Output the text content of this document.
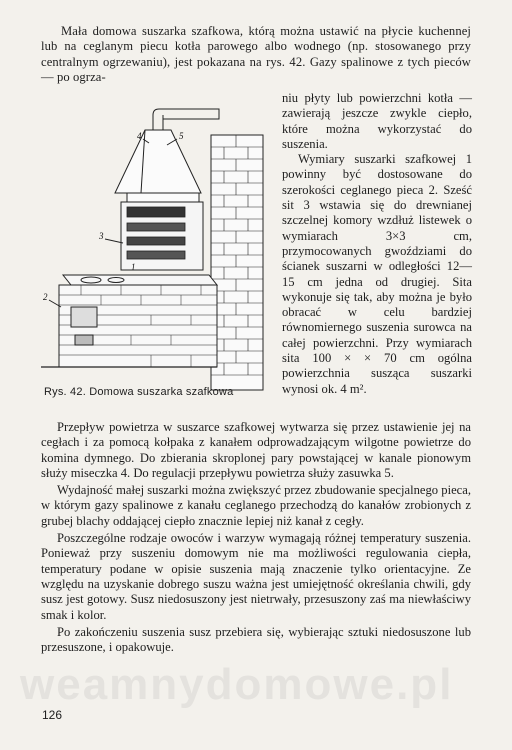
Mała domowa suszarka szafkowa, którą można ustawić na płycie kuchennej lub na ceglanym piecu kotła parowego albo wodnego (np. stosowanego przy centralnym ogrzewaniu), jest pokazana na rys. 42. Gazy spalinowe z tych pieców — po ogrza-

4	5
3
2
1

niu płyty lub powierzchni kotła — zawierają jeszcze zwykle ciepło, które można wykorzystać do suszenia.

Wymiary suszarki szafkowej 1 powinny być dostosowane do szerokości ceglanego pieca 2. Sześć sit 3 wstawia się do drewnianej szczelnej komory wzdłuż listewek o wymiarach 3×3 cm, przymocowanych gwoździami do ścianek suszarni w odległości 12—15 cm jedna od drugiej. Sita wykonuje się tak, aby można je było obracać w celu bardziej równomiernego suszenia surowca na całej powierzchni. Przy wymiarach sita 100 × × 70 cm ogólna powierzchnia susząca suszarki wynosi ok. 4 m².

Rys. 42. Domowa suszarka szafkowa

Przepływ powietrza w suszarce szafkowej wytwarza się przez ustawienie jej na cegłach i za pomocą kołpaka z kanałem odprowadzającym wilgotne powietrze do komina dymnego. Do zbierania skroplonej pary powstającej w kanale pionowym służy miseczka 4. Do regulacji przepływu powietrza służy zasuwka 5.

Wydajność małej suszarki można zwiększyć przez zbudowanie specjalnego pieca, w którym gazy spalinowe z kanału ceglanego przechodzą do kanałów zrobionych z grubej blachy oddającej ciepło znacznie lepiej niż kanał z cegły.

Poszczególne rodzaje owoców i warzyw wymagają różnej temperatury suszenia. Ponieważ przy suszeniu domowym nie ma możliwości regulowania ciepła, temperatury podane w opisie suszenia mają znaczenie tylko orientacyjne. Ze względu na uzyskanie dobrego suszu ważna jest umiejętność określania chwili, gdy susz jest gotowy. Susz niedosuszony jest nietrwały, przesuszony zaś ma niewłaściwy smak i kolor.

Po zakończeniu suszenia susz przebiera się, wybierając sztuki niedosuszone lub przesuszone, i opakowuje.

weamnydomowe.pl
126
